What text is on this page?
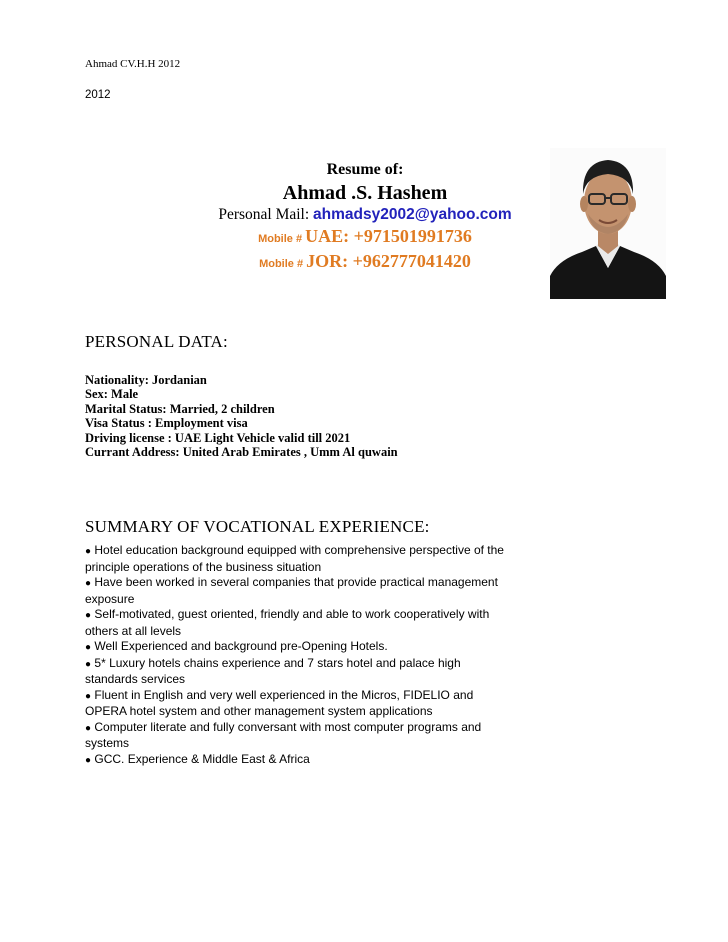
Ahmad CV.H.H 2012
2012
Resume of:
Ahmad .S. Hashem
Personal Mail: ahmadsy2002@yahoo.com
Mobile # UAE: +971501991736
Mobile # JOR: +962777041420
PERSONAL DATA:
Nationality: Jordanian
Sex: Male
Marital Status: Married, 2 children
Visa Status : Employment visa
Driving license : UAE Light Vehicle valid till 2021
Currant Address: United Arab Emirates , Umm Al quwain
SUMMARY OF VOCATIONAL EXPERIENCE:

● Hotel education background equipped with comprehensive perspective of the principle operations of the business situation

● Have been worked in several companies that provide practical management exposure

● Self-motivated, guest oriented, friendly and able to work cooperatively with others at all levels

● Well Experienced and background pre-Opening Hotels.

● 5* Luxury hotels chains experience and 7 stars hotel and palace high standards services

● Fluent in English and very well experienced in the Micros, FIDELIO and OPERA hotel system and other management system applications

● Computer literate and fully conversant with most computer programs and systems

● GCC. Experience & Middle East & Africa
